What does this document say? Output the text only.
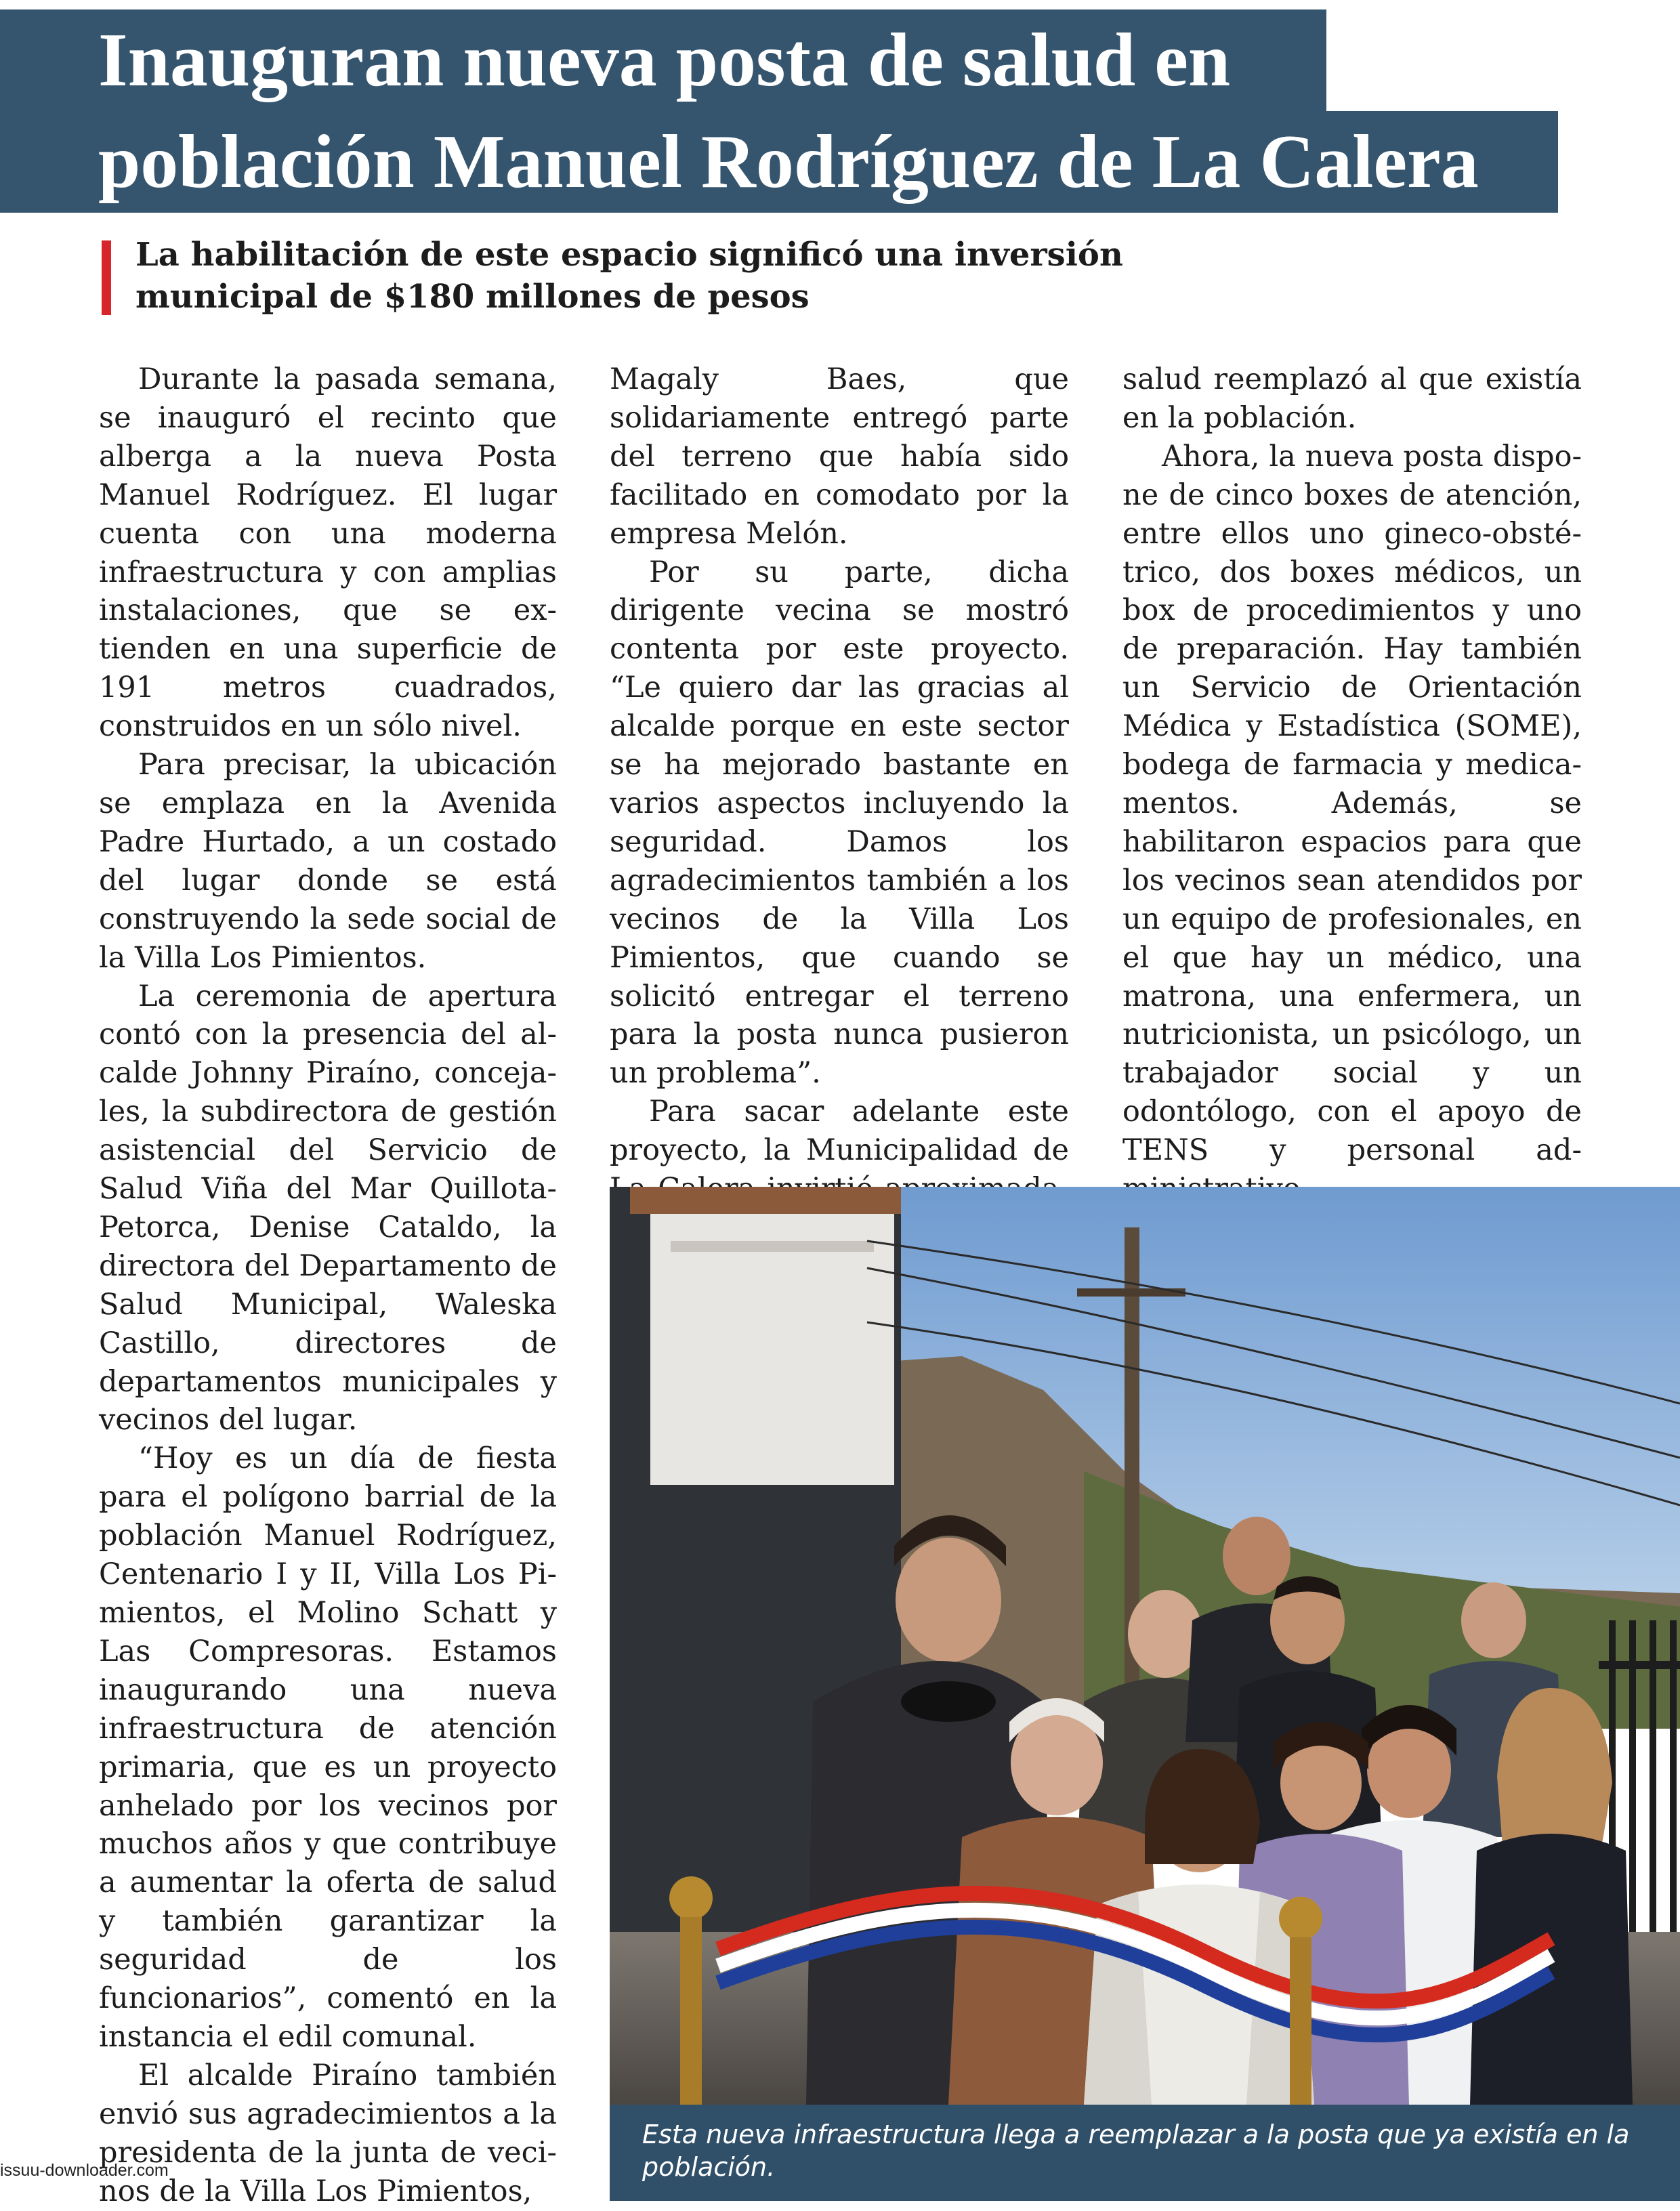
Inauguran nueva posta de salud en
población Manuel Rodríguez de La Calera
La habilitación de este espacio significó una inversión municipal de $180 millones de pesos

Durante la pasada semana, se inauguró el recinto que alberga a la nueva Posta Manuel Rodríguez. El lugar cuenta con una moderna infraestructura y con amplias instalaciones, que se extienden en una superficie de 191 metros cuadrados, construidos en un sólo nivel.

Para precisar, la ubicación se emplaza en la Avenida Padre Hurtado, a un costado del lugar donde se está construyendo la sede social de la Villa Los Pimientos.

La ceremonia de apertura contó con la presencia del alcalde Johnny Piraíno, concejales, la subdirectora de gestión asistencial del Servicio de Salud Viña del Mar Quillota-Petorca, Denise Cataldo, la directora del Departamento de Salud Municipal, Waleska Castillo, directores de departamentos municipales y vecinos del lugar.

“Hoy es un día de fiesta para el polígono barrial de la población Manuel Rodríguez, Centenario I y II, Villa Los Pimientos, el Molino Schatt y Las Compresoras. Estamos inaugurando una nueva infraestructura de atención primaria, que es un proyecto anhelado por los vecinos por muchos años y que contribuye a aumentar la oferta de salud y también garantizar la seguridad de los funcionarios”, comentó en la instancia el edil comunal.

El alcalde Piraíno también envió sus agradecimientos a la presidenta de la junta de vecinos de la Villa Los Pimientos,

Magaly Baes, que solidariamente entregó parte del terreno que había sido facilitado en comodato por la empresa Melón.

Por su parte, dicha dirigente vecina se mostró contenta por este proyecto. “Le quiero dar las gracias al alcalde porque en este sector se ha mejorado bastante en varios aspectos incluyendo la seguridad. Damos los agradecimientos también a los vecinos de la Villa Los Pimientos, que cuando se solicitó entregar el terreno para la posta nunca pusieron un problema”.

Para sacar adelante este proyecto, la Municipalidad de

salud reemplazó al que existía en la población.

Ahora, la nueva posta dispone de cinco boxes de atención, entre ellos uno gineco-obstétrico, dos boxes médicos, un box de procedimientos y uno de preparación. Hay también un Servicio de Orientación Médica y Estadística (SOME), bodega de farmacia y medicamentos. Además, se habilitaron espacios para que los vecinos sean atendidos por un equipo de profesionales, en el que hay un médico, una matrona, una enfermera, un nutricionista, un psicólogo, un trabajador social y un odontólogo, con el apoyo de TENS y personal ad

Esta nueva infraestructura llega a reemplazar a la posta que ya existía en la población.
issuu-downloader.com
